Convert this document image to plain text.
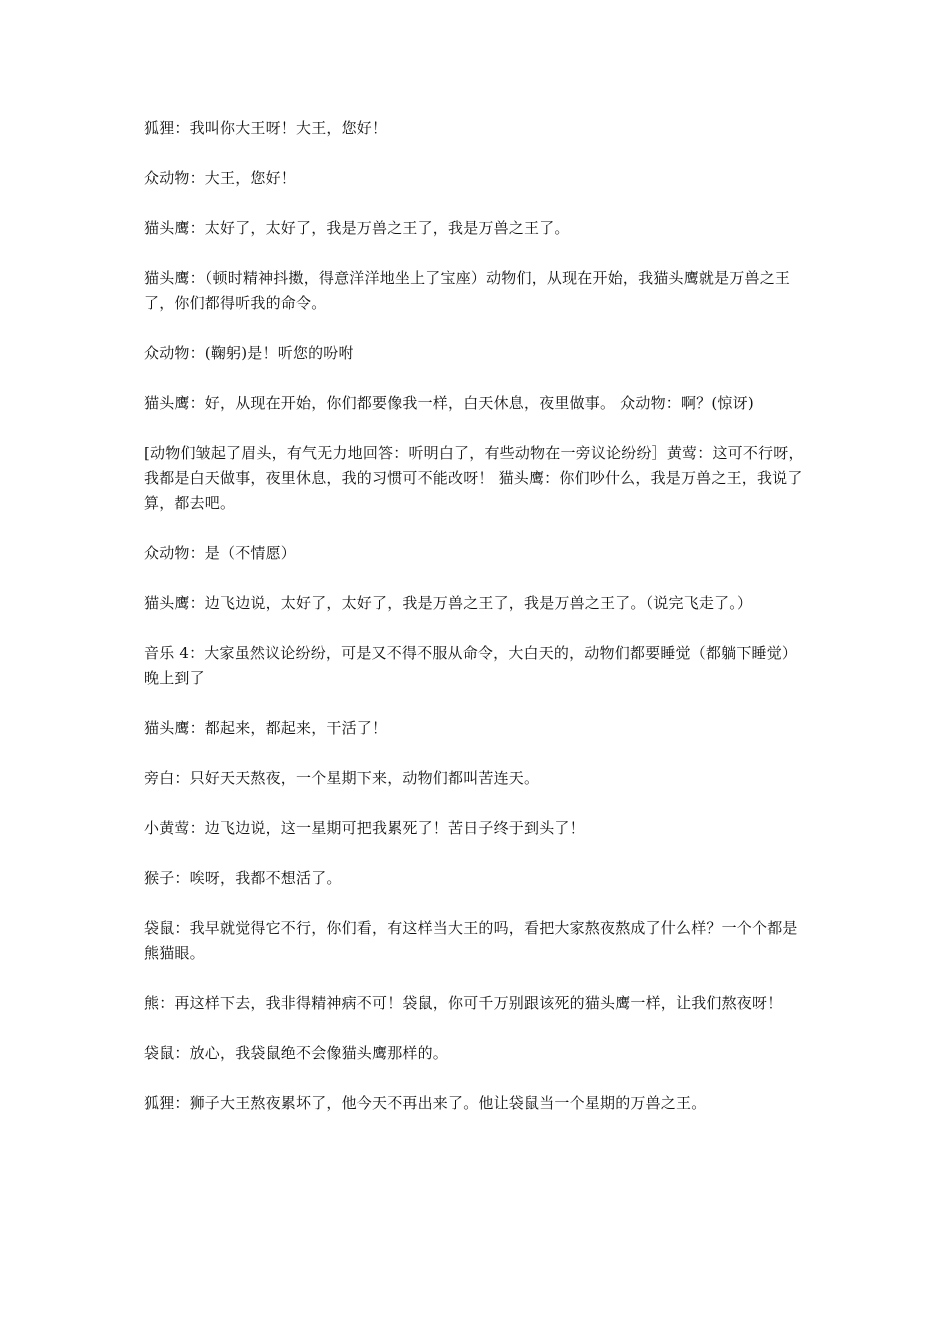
狐狸：我叫你大王呀！大王，您好！

众动物：大王，您好！

猫头鹰：太好了，太好了，我是万兽之王了，我是万兽之王了。

猫头鹰：（顿时精神抖擞，得意洋洋地坐上了宝座）动物们，从现在开始，我猫头鹰就是万兽之王了，你们都得听我的命令。

众动物：(鞠躬)是！听您的吩咐

猫头鹰：好，从现在开始，你们都要像我一样，白天休息，夜里做事。 众动物：啊？(惊讶)

[动物们皱起了眉头，有气无力地回答：听明白了，有些动物在一旁议论纷纷］黄莺：这可不行呀，我都是白天做事，夜里休息，我的习惯可不能改呀！ 猫头鹰：你们吵什么，我是万兽之王，我说了算，都去吧。

众动物：是（不情愿）

猫头鹰：边飞边说，太好了，太好了，我是万兽之王了，我是万兽之王了。（说完飞走了。）

音乐 4：大家虽然议论纷纷，可是又不得不服从命令，大白天的，动物们都要睡觉（都躺下睡觉） 晚上到了

猫头鹰：都起来，都起来，干活了！

旁白：只好天天熬夜，一个星期下来，动物们都叫苦连天。

小黄莺：边飞边说，这一星期可把我累死了！苦日子终于到头了！

猴子：唉呀，我都不想活了。

袋鼠：我早就觉得它不行，你们看，有这样当大王的吗，看把大家熬夜熬成了什么样？一个个都是熊猫眼。

熊：再这样下去，我非得精神病不可！袋鼠，你可千万别跟该死的猫头鹰一样，让我们熬夜呀！

袋鼠：放心，我袋鼠绝不会像猫头鹰那样的。

狐狸：狮子大王熬夜累坏了，他今天不再出来了。他让袋鼠当一个星期的万兽之王。
